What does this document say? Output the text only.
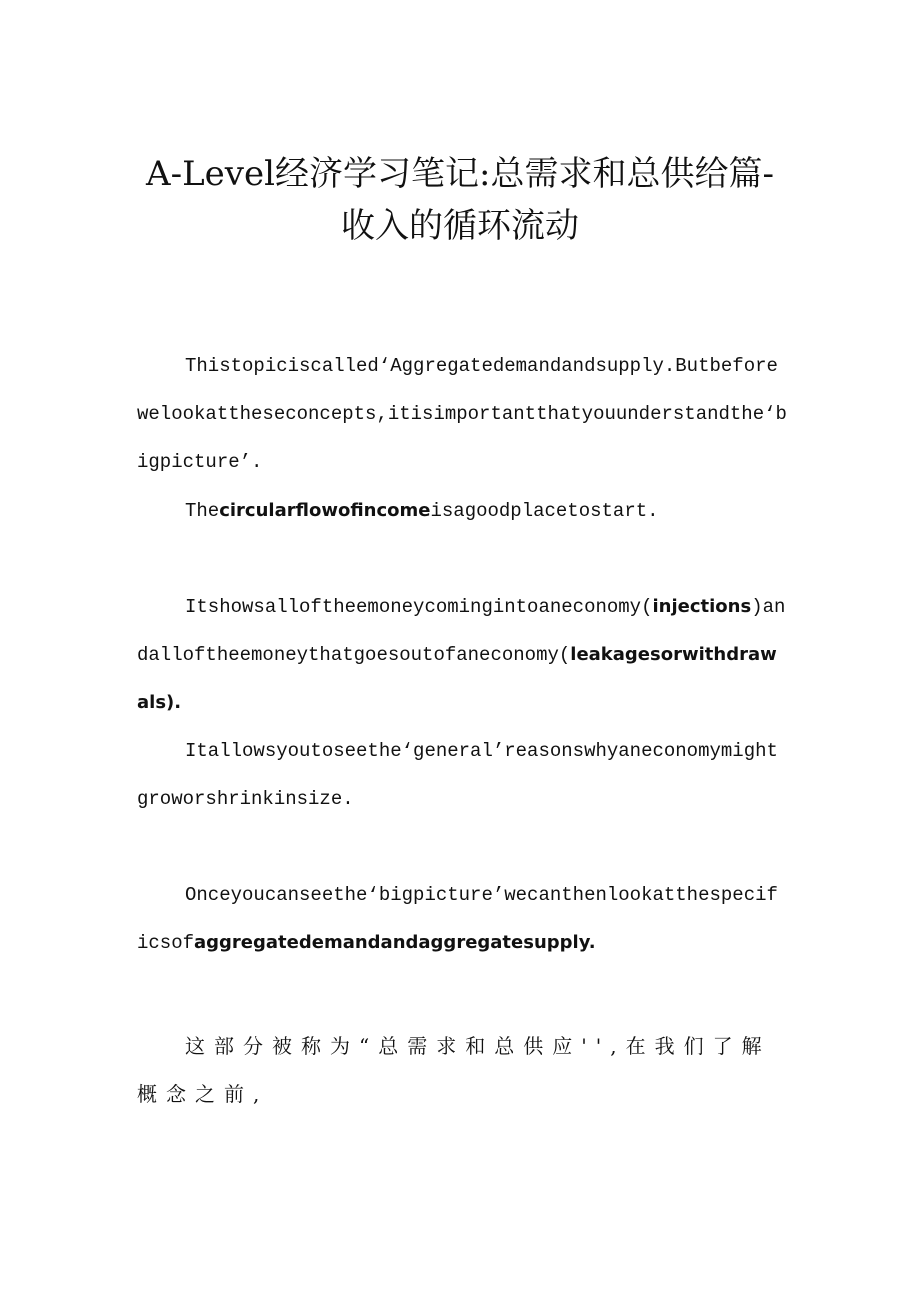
A-Level经济学习笔记:总需求和总供给篇-
收入的循环流动

Thistopiciscalled‘Aggregatedemandandsupply.Butbeforewelookattheseconcepts,itisimportantthatyouunderstandthe‘bigpicture’.

Thecircularflowofincomeisagoodplacetostart.

Itshowsalloftheemoneycomingintoaneconomy(injections)andalloftheemoneythatgoesoutofaneconomy(leakagesorwithdrawals).

Itallowsyoutoseethe‘general’reasonswhyaneconomymightgroworshrinkinsize.

Onceyoucanseethe‘bigpicture’wecanthenlookatthespecificsofaggregatedemandandaggregatesupply.

这部分被称为“总需求和总供应'',在我们了解概念之前,
